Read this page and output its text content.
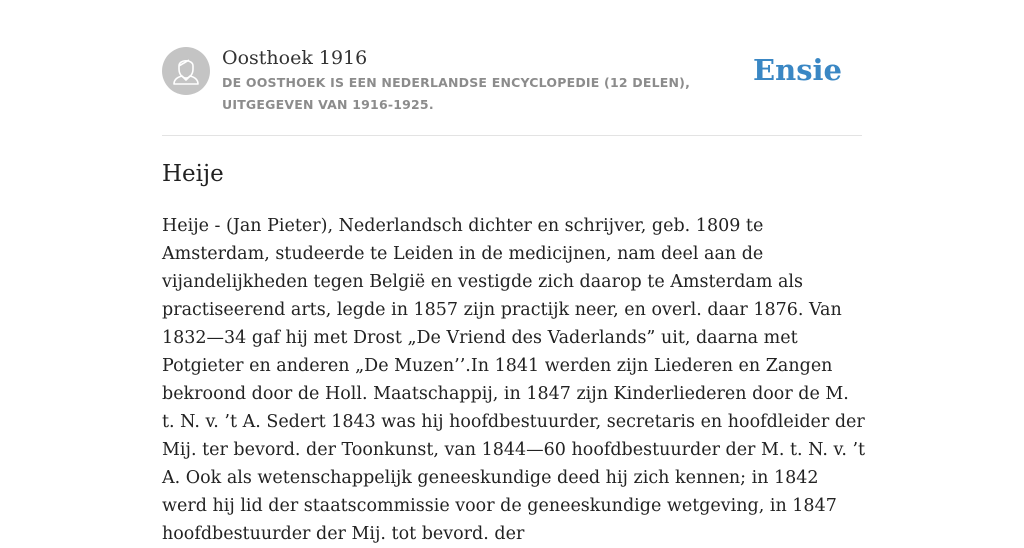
Oosthoek 1916
DE OOSTHOEK IS EEN NEDERLANDSE ENCYCLOPEDIE (12 DELEN), UITGEGEVEN VAN 1916-1925.
Ensie
Heije

Heije - (Jan Pieter), Nederlandsch dichter en schrijver, geb. 1809 te Amsterdam, studeerde te Leiden in de medicijnen, nam deel aan de vijandelijkheden tegen België en vestigde zich daarop te Amsterdam als practiseerend arts, legde in 1857 zijn practijk neer, en overl. daar 1876. Van 1832—34 gaf hij met Drost „De Vriend des Vaderlands” uit, daarna met Potgieter en anderen „De Muzen’’.In 1841 werden zijn Liederen en Zangen bekroond door de Holl. Maatschappij, in 1847 zijn Kinderliederen door de M. t. N. v. ’t A. Sedert 1843 was hij hoofdbestuurder, secretaris en hoofdleider der Mij. ter bevord. der Toonkunst, van 1844—60 hoofdbestuurder der M. t. N. v. ’t A. Ook als wetenschappelijk geneeskundige deed hij zich kennen; in 1842 werd hij lid der staatscommissie voor de geneeskundige wetgeving, in 1847 hoofdbestuurder der Mij. tot bevord. der
